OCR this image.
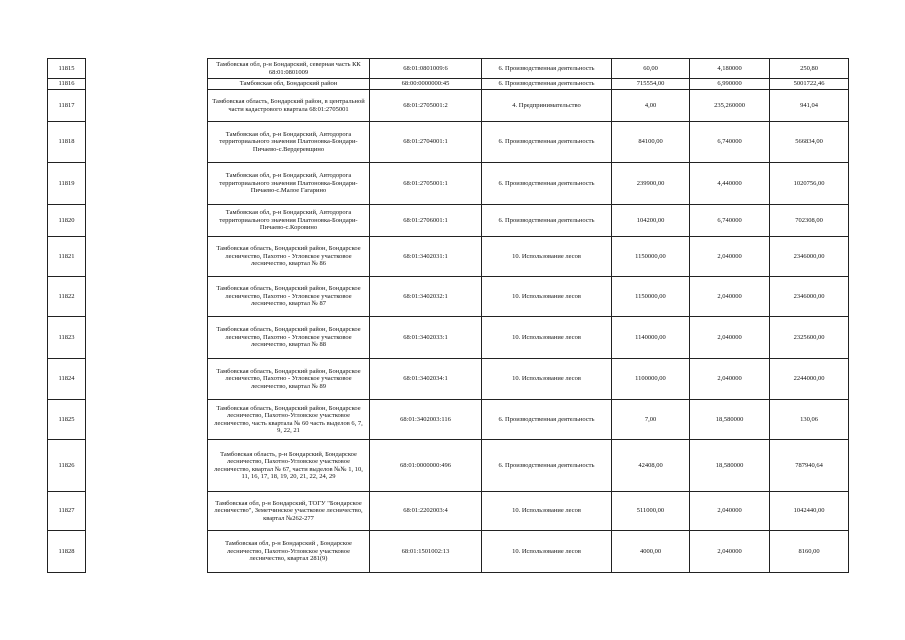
11815		Тамбовская обл, р-н Бондарский, северная часть КК 68:01:0801009	68:01:0801009:6	6. Производственная деятельность	60,00	4,180000	250,80
11816		Тамбовская обл, Бондарский район	68:00:0000000:45	6. Производственная деятельность	715554,00	6,990000	5001722,46
11817		Тамбовская область, Бондарский район, в центральной части кадастрового квартала 68:01:2705001	68:01:2705001:2	4. Предпринимательство	4,00	235,260000	941,04
11818		Тамбовская обл, р-н Бондарский, Автодорога территориального значения Платоновка-Бондари-Пичаево-с.Вердеревщино	68:01:2704001:1	6. Производственная деятельность	84100,00	6,740000	566834,00
11819		Тамбовская обл, р-н Бондарский, Автодорога территориального значения Платоновка-Бондари-Пичаево-с.Малое Гагарино	68:01:2705001:1	6. Производственная деятельность	239900,00	4,440000	1020756,00
11820		Тамбовская обл, р-н Бондарский, Автодорога территориального значения Платоновка-Бондари-Пичаево-с.Коровино	68:01:2706001:1	6. Производственная деятельность	104200,00	6,740000	702308,00
11821		Тамбовская область, Бондарский район, Бондарское лесничество, Пахотно - Угловское участковое лесничество, квартал № 86	68:01:3402031:1	10. Использование лесов	1150000,00	2,040000	2346000,00
11822		Тамбовская область, Бондарский район, Бондарское лесничество, Пахотно - Угловское участковое лесничество, квартал № 87	68:01:3402032:1	10. Использование лесов	1150000,00	2,040000	2346000,00
11823		Тамбовская область, Бондарский район, Бондарское лесничество, Пахотно - Угловское участковое лесничество, квартал № 88	68:01:3402033:1	10. Использование лесов	1140000,00	2,040000	2325600,00
11824		Тамбовская область, Бондарский район, Бондарское лесничество, Пахотно - Угловское участковое лесничество, квартал № 89	68:01:3402034:1	10. Использование лесов	1100000,00	2,040000	2244000,00
11825		Тамбовская область, Бондарский район, Бондарское лесничество, Пахотно-Угловское участковое лесничество, часть квартала № 60 часть выделов 6, 7, 9, 22, 21	68:01:3402003:116	6. Производственная деятельность	7,00	18,580000	130,06
11826		Тамбовская область, р-н Бондарский, Бондарское лесничество, Пахотно-Угловское участковое лесничество, квартал № 67, части выделов №№ 1, 10, 11, 16, 17, 18, 19, 20, 21, 22, 24, 29	68:01:0000000:496	6. Производственная деятельность	42408,00	18,580000	787940,64
11827		Тамбовская обл, р-н Бондарский, ТОГУ "Бондарское лесничество", Земетчинское участковое лесничество, квартал №262-277	68:01:2202003:4	10. Использование лесов	511000,00	2,040000	1042440,00
11828		Тамбовская обл, р-н Бондарский , Бондарское лесничество, Пахотно-Угловское участковое лесничество, квартал 281(9)	68:01:1501002:13	10. Использование лесов	4000,00	2,040000	8160,00
